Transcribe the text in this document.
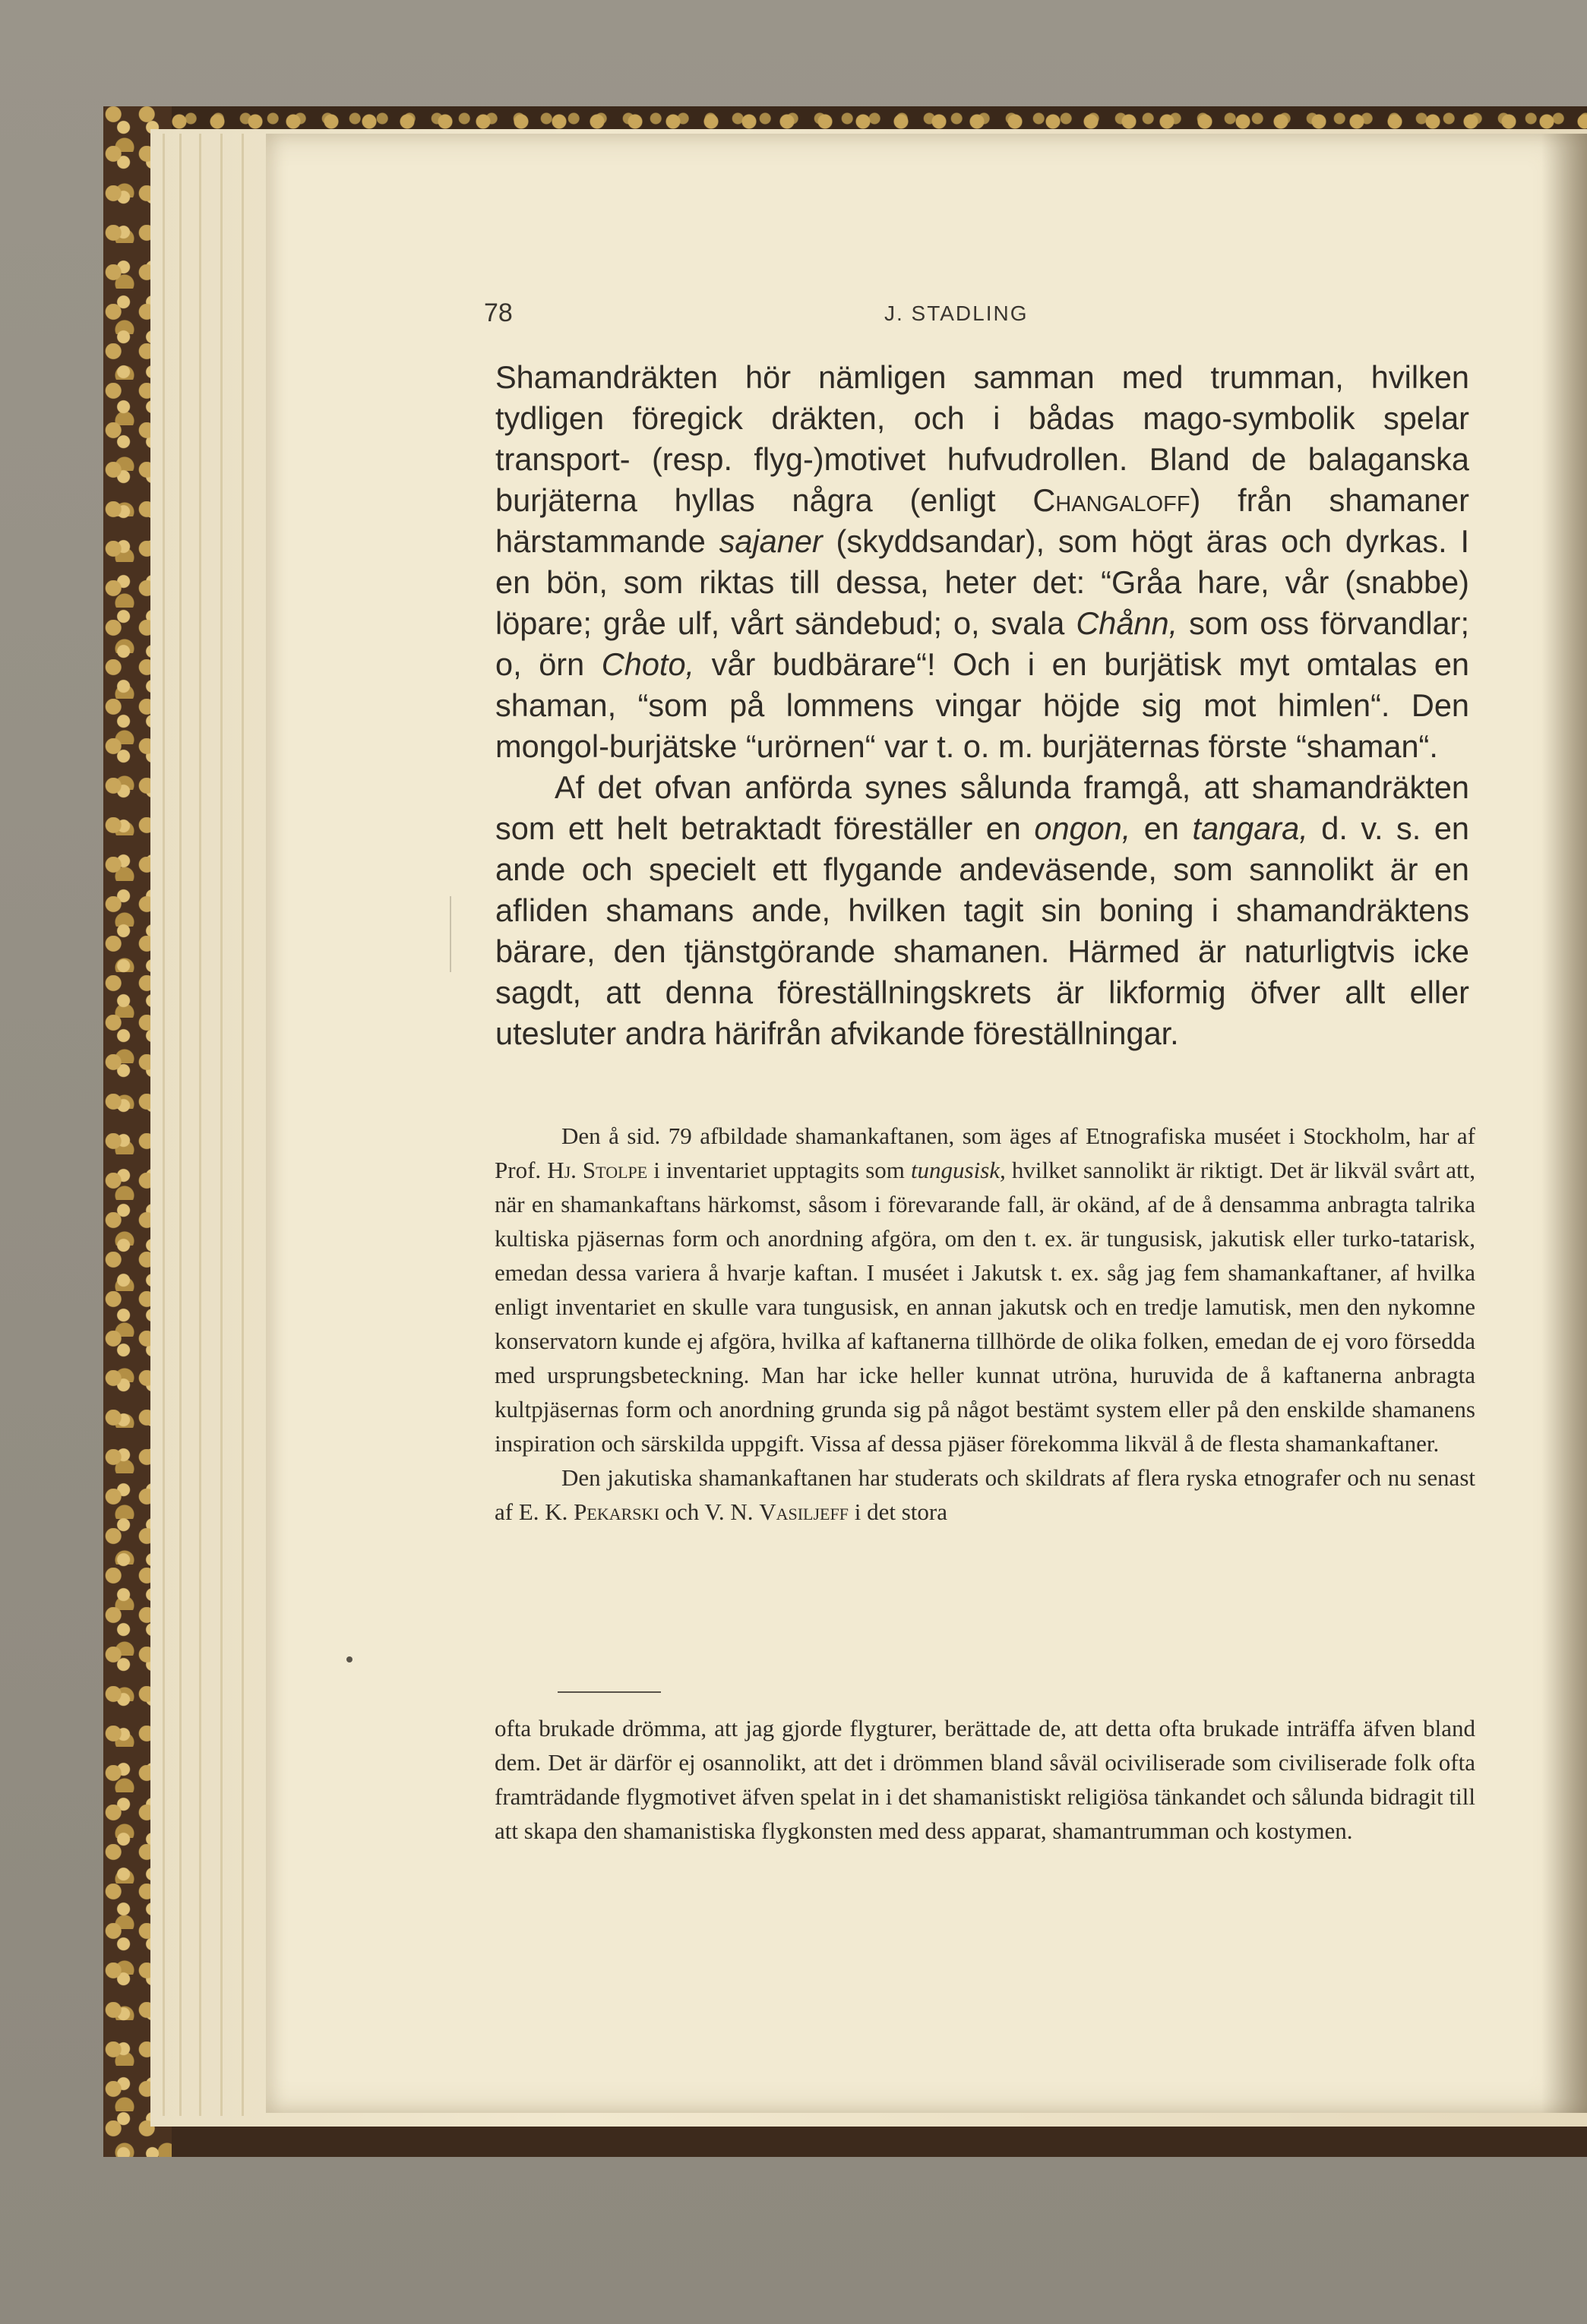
78	J. STADLING

Shamandräkten hör nämligen samman med trumman, hvilken tydligen föregick dräkten, och i bådas mago-symbolik spelar transport- (resp. flyg-)motivet hufvudrollen. Bland de balaganska burjäterna hyllas några (enligt Changaloff) från shamaner härstammande sajaner (skyddsandar), som högt äras och dyrkas. I en bön, som riktas till dessa, heter det: “Gråa hare, vår (snabbe) löpare; gråe ulf, vårt sändebud; o, svala Chånn, som oss förvandlar; o, örn Choto, vår budbärare“! Och i en burjätisk myt omtalas en shaman, “som på lommens vingar höjde sig mot himlen“. Den mongol-burjätske “urörnen“ var t. o. m. burjäternas förste “shaman“.

Af det ofvan anförda synes sålunda framgå, att shamandräkten som ett helt betraktadt föreställer en ongon, en tangara, d. v. s. en ande och specielt ett flygande andeväsende, som sannolikt är en afliden shamans ande, hvilken tagit sin boning i shamandräktens bärare, den tjänstgörande shamanen. Härmed är naturligtvis icke sagdt, att denna föreställningskrets är likformig öfver allt eller utesluter andra härifrån afvikande föreställningar.

Den å sid. 79 afbildade shamankaftanen, som äges af Etnografiska muséet i Stockholm, har af Prof. Hj. Stolpe i inventariet upptagits som tungusisk, hvilket sannolikt är riktigt. Det är likväl svårt att, när en shamankaftans härkomst, såsom i förevarande fall, är okänd, af de å densamma anbragta talrika kultiska pjäsernas form och anordning afgöra, om den t. ex. är tungusisk, jakutisk eller turko-tatarisk, emedan dessa variera å hvarje kaftan. I muséet i Jakutsk t. ex. såg jag fem shamankaftaner, af hvilka enligt inventariet en skulle vara tungusisk, en annan jakutsk och en tredje lamutisk, men den nykomne konservatorn kunde ej afgöra, hvilka af kaftanerna tillhörde de olika folken, emedan de ej voro försedda med ursprungsbeteckning. Man har icke heller kunnat utröna, huruvida de å kaftanerna anbragta kultpjäsernas form och anordning grunda sig på något bestämt system eller på den enskilde shamanens inspiration och särskilda uppgift. Vissa af dessa pjäser förekomma likväl å de flesta shamankaftaner.

Den jakutiska shamankaftanen har studerats och skildrats af flera ryska etnografer och nu senast af E. K. Pekarski och V. N. Vasiljeff i det stora

ofta brukade drömma, att jag gjorde flygturer, berättade de, att detta ofta brukade inträffa äfven bland dem. Det är därför ej osannolikt, att det i drömmen bland såväl ociviliserade som civiliserade folk ofta framträdande flygmotivet äfven spelat in i det shamanistiskt religiösa tänkandet och sålunda bidragit till att skapa den shamanistiska flygkonsten med dess apparat, shamantrumman och kostymen.
